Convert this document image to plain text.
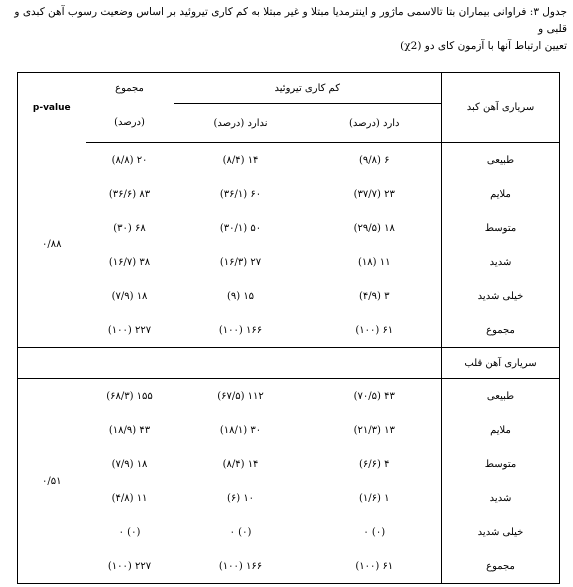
جدول ۳: فراوانی بیماران بتا تالاسمی ماژور و اینترمدیا مبتلا و غیر مبتلا به کم کاری تیروئید بر اساس وضعیت رسوب آهن کبدی و قلبی و
تعیین ارتباط آنها با آزمون کای دو (χ2)
سریاری آهن کبد	کم کاری تیروئید		مجموع	p-value
	دارد (درصد)	ندارد (درصد)	(درصد)	
طبیعی	۶ (۹/۸)	۱۴ (۸/۴)	۲۰ (۸/۸)	۰/۸۸
ملایم	۲۳ (۳۷/۷)	۶۰ (۳۶/۱)	۸۳ (۳۶/۶)	
متوسط	۱۸ (۲۹/۵)	۵۰ (۳۰/۱)	۶۸ (۳۰)	
شدید	۱۱ (۱۸)	۲۷ (۱۶/۳)	۳۸ (۱۶/۷)	
خیلی شدید	۳ (۴/۹)	۱۵ (۹)	۱۸ (۷/۹)	
مجموع	۶۱ (۱۰۰)	۱۶۶ (۱۰۰)	۲۲۷ (۱۰۰)	
سریاری آهن قلب				
طبیعی	۴۳ (۷۰/۵)	۱۱۲ (۶۷/۵)	۱۵۵ (۶۸/۳)	۰/۵۱
ملایم	۱۳ (۲۱/۳)	۳۰ (۱۸/۱)	۴۳ (۱۸/۹)	
متوسط	۴ (۶/۶)	۱۴ (۸/۴)	۱۸ (۷/۹)	
شدید	۱ (۱/۶)	۱۰ (۶)	۱۱ (۴/۸)	
خیلی شدید	(۰) ۰	(۰) ۰	(۰) ۰	
مجموع	۶۱ (۱۰۰)	۱۶۶ (۱۰۰)	۲۲۷ (۱۰۰)	
